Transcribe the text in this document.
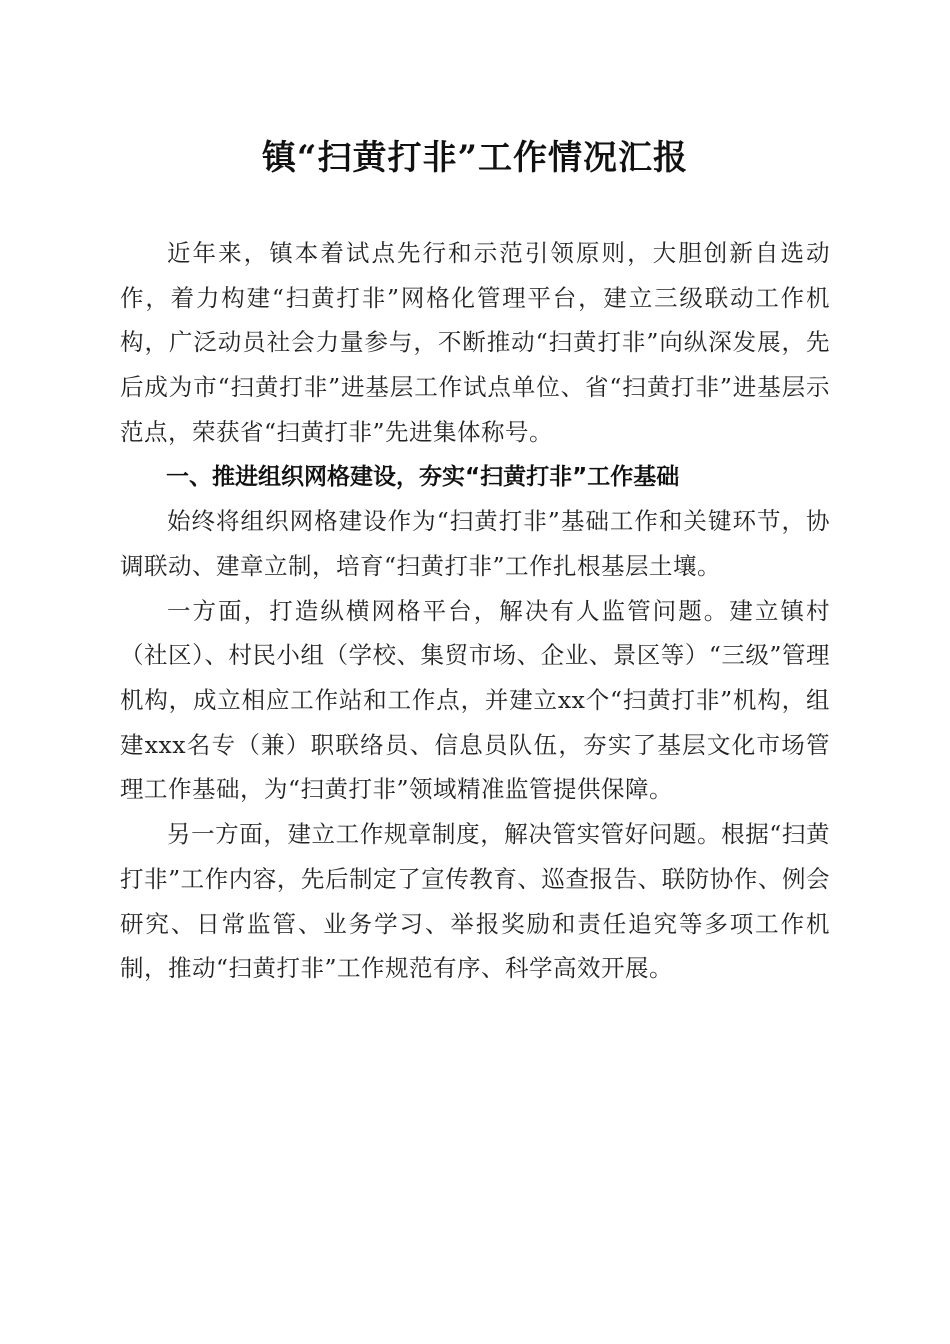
镇“扫黄打非”工作情况汇报

近年来，镇本着试点先行和示范引领原则，大胆创新自选动作，着力构建“扫黄打非”网格化管理平台，建立三级联动工作机构，广泛动员社会力量参与，不断推动“扫黄打非”向纵深发展，先后成为市“扫黄打非”进基层工作试点单位、省“扫黄打非”进基层示范点，荣获省“扫黄打非”先进集体称号。

一、推进组织网格建设，夯实“扫黄打非”工作基础

始终将组织网格建设作为“扫黄打非”基础工作和关键环节，协调联动、建章立制，培育“扫黄打非”工作扎根基层土壤。

一方面，打造纵横网格平台，解决有人监管问题。建立镇村（社区）、村民小组（学校、集贸市场、企业、景区等）“三级”管理机构，成立相应工作站和工作点，并建立xx个“扫黄打非”机构，组建xxx名专（兼）职联络员、信息员队伍，夯实了基层文化市场管理工作基础，为“扫黄打非”领域精准监管提供保障。

另一方面，建立工作规章制度，解决管实管好问题。根据“扫黄打非”工作内容，先后制定了宣传教育、巡查报告、联防协作、例会研究、日常监管、业务学习、举报奖励和责任追究等多项工作机制，推动“扫黄打非”工作规范有序、科学高效开展。
